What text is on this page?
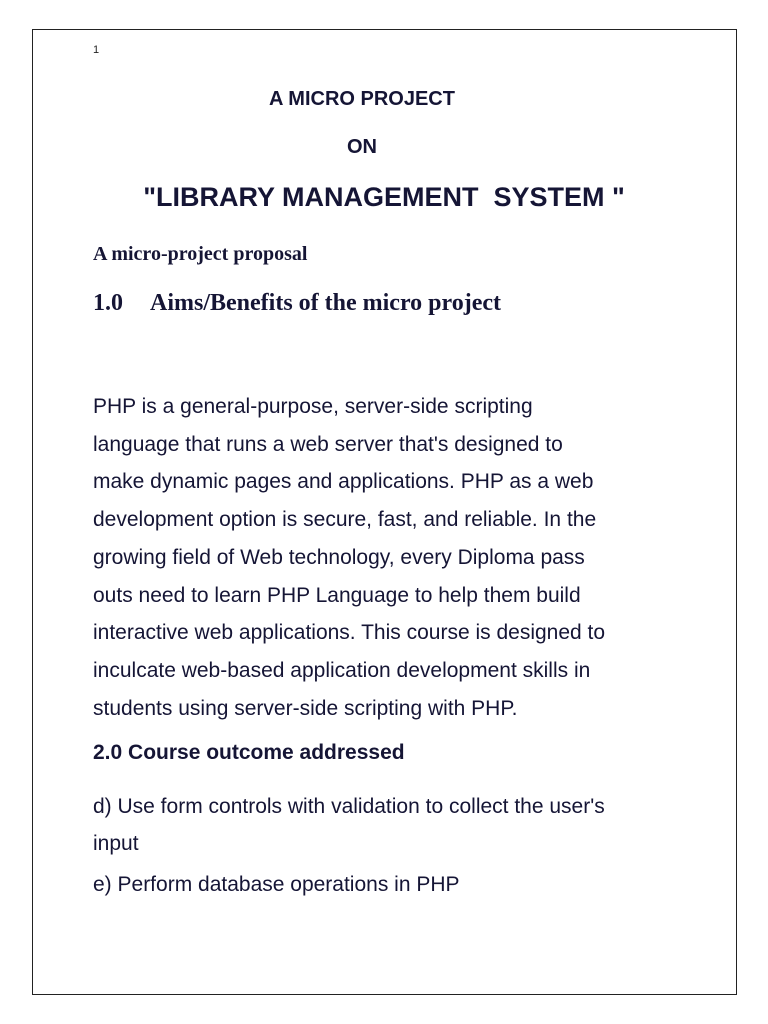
1
A MICRO PROJECT
ON
"LIBRARY MANAGEMENT  SYSTEM "
A micro-project proposal
1.0 Aims/Benefits of the micro project
PHP is a general-purpose, server-side scripting
language that runs a web server that's designed to
make dynamic pages and applications. PHP as a web
development option is secure, fast, and reliable. In the
growing field of Web technology, every Diploma pass
outs need to learn PHP Language to help them build
interactive web applications. This course is designed to
inculcate web-based application development skills in
students using server-side scripting with PHP.
2.0 Course outcome addressed
d) Use form controls with validation to collect the user's
input
e) Perform database operations in PHP
